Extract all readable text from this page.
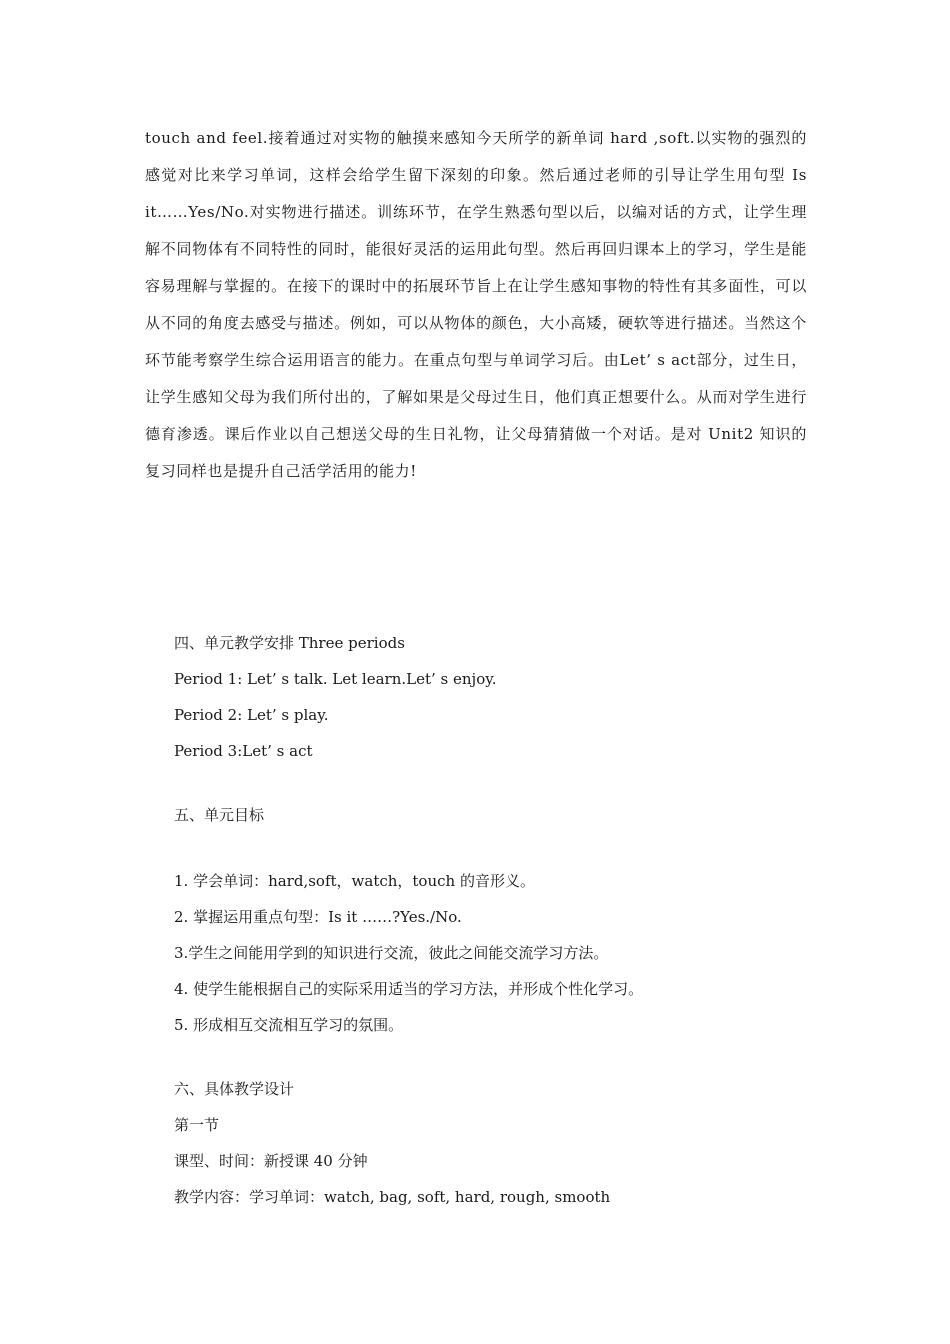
touch and feel.接着通过对实物的触摸来感知今天所学的新单词 hard ,soft.以实物的强烈的感觉对比来学习单词，这样会给学生留下深刻的印象。然后通过老师的引导让学生用句型 Is it……Yes/No.对实物进行描述。训练环节，在学生熟悉句型以后，以编对话的方式，让学生理解不同物体有不同特性的同时，能很好灵活的运用此句型。然后再回归课本上的学习，学生是能容易理解与掌握的。在接下的课时中的拓展环节旨上在让学生感知事物的特性有其多面性，可以从不同的角度去感受与描述。例如，可以从物体的颜色，大小高矮，硬软等进行描述。当然这个环节能考察学生综合运用语言的能力。在重点句型与单词学习后。由Let’ s act部分，过生日，让学生感知父母为我们所付出的，了解如果是父母过生日，他们真正想要什么。从而对学生进行德育渗透。课后作业以自己想送父母的生日礼物，让父母猜猜做一个对话。是对 Unit2 知识的复习同样也是提升自己活学活用的能力!
四、单元教学安排 Three periods
Period 1: Let’ s talk. Let learn.Let’ s enjoy.
Period 2: Let’ s play.
Period 3:Let’ s act
五、单元目标
1. 学会单词：hard,soft，watch，touch 的音形义。
2. 掌握运用重点句型：Is it ……?Yes./No.
3.学生之间能用学到的知识进行交流，彼此之间能交流学习方法。
4. 使学生能根据自己的实际采用适当的学习方法，并形成个性化学习。
5. 形成相互交流相互学习的氛围。
六、具体教学设计
第一节
课型、时间：新授课 40 分钟
教学内容：学习单词：watch, bag, soft, hard, rough, smooth
